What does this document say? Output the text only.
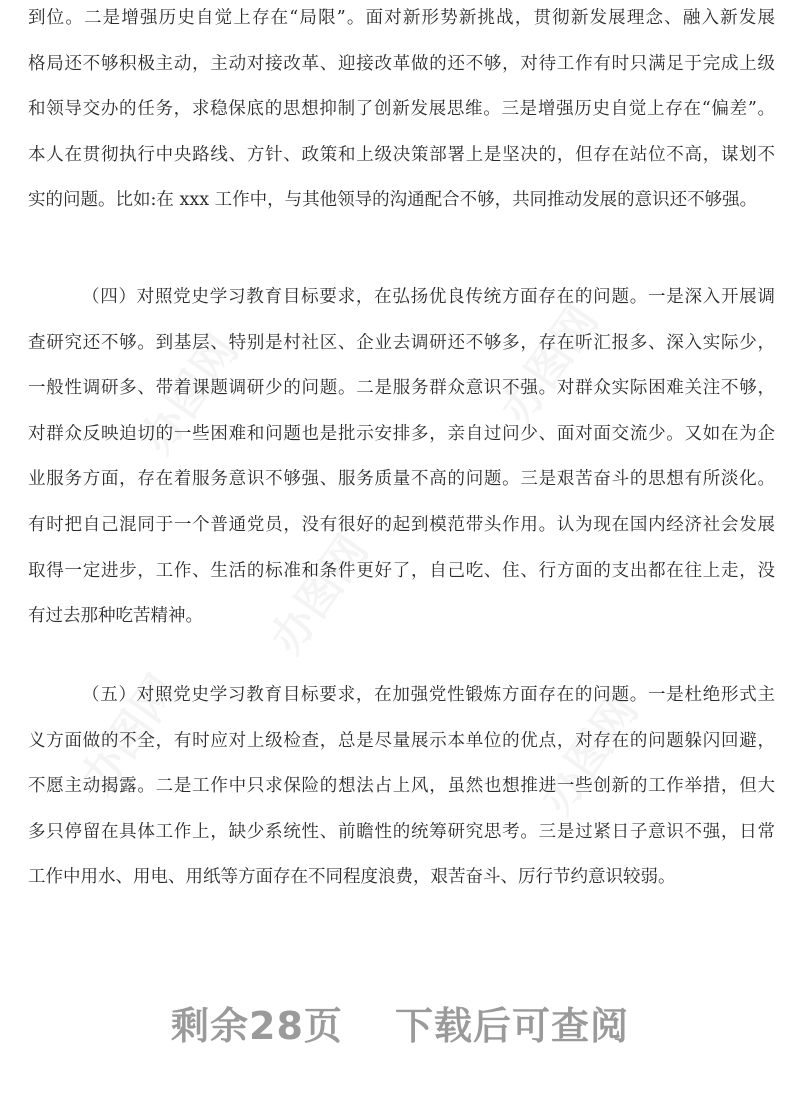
到位。二是增强历史自觉上存在“局限”。面对新形势新挑战，贯彻新发展理念、融入新发展
格局还不够积极主动，主动对接改革、迎接改革做的还不够，对待工作有时只满足于完成上级
和领导交办的任务，求稳保底的思想抑制了创新发展思维。三是增强历史自觉上存在“偏差”。
本人在贯彻执行中央路线、方针、政策和上级决策部署上是坚决的，但存在站位不高，谋划不
实的问题。比如:在 xxx 工作中，与其他领导的沟通配合不够，共同推动发展的意识还不够强。
（四）对照党史学习教育目标要求，在弘扬优良传统方面存在的问题。一是深入开展调
查研究还不够。到基层、特别是村社区、企业去调研还不够多，存在听汇报多、深入实际少，
一般性调研多、带着课题调研少的问题。二是服务群众意识不强。对群众实际困难关注不够，
对群众反映迫切的一些困难和问题也是批示安排多，亲自过问少、面对面交流少。又如在为企
业服务方面，存在着服务意识不够强、服务质量不高的问题。三是艰苦奋斗的思想有所淡化。
有时把自己混同于一个普通党员，没有很好的起到模范带头作用。认为现在国内经济社会发展
取得一定进步，工作、生活的标准和条件更好了，自己吃、住、行方面的支出都在往上走，没
有过去那种吃苦精神。
（五）对照党史学习教育目标要求，在加强党性锻炼方面存在的问题。一是杜绝形式主
义方面做的不全，有时应对上级检查，总是尽量展示本单位的优点，对存在的问题躲闪回避，
不愿主动揭露。二是工作中只求保险的想法占上风，虽然也想推进一些创新的工作举措，但大
多只停留在具体工作上，缺少系统性、前瞻性的统筹研究思考。三是过紧日子意识不强，日常
工作中用水、用电、用纸等方面存在不同程度浪费，艰苦奋斗、厉行节约意识较弱。
剩余28页 下载后可查阅
